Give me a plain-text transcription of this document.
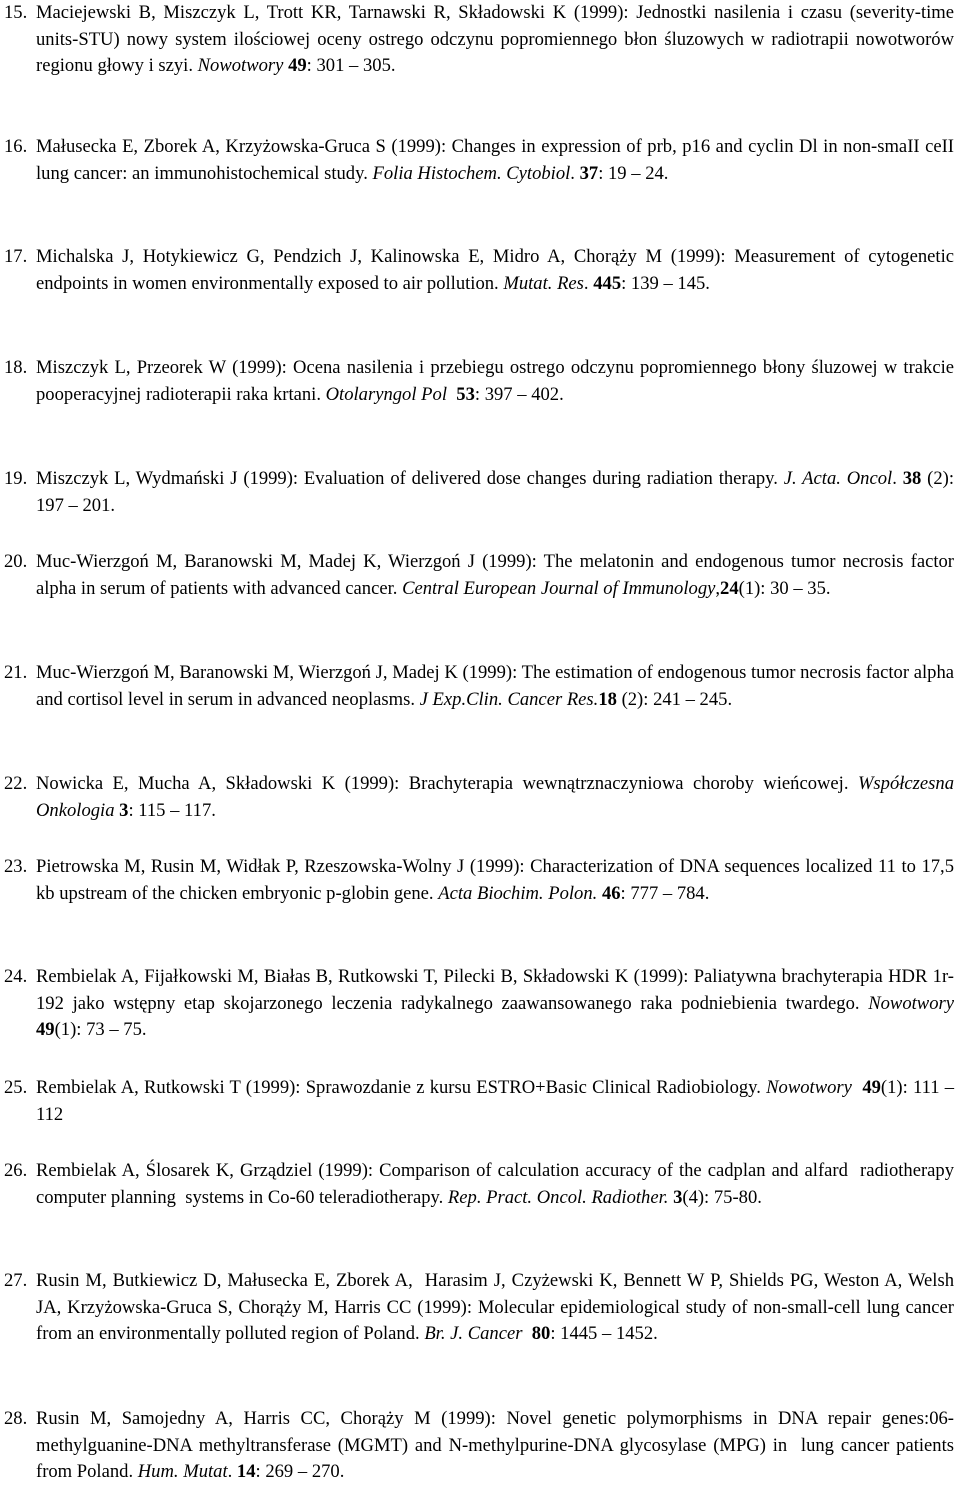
15. Maciejewski B, Miszczyk L, Trott KR, Tarnawski R, Składowski K (1999): Jednostki nasilenia i czasu (severity-time units-STU) nowy system ilościowej oceny ostrego odczynu popromiennego błon śluzowych w radiotrapii nowotworów regionu głowy i szyi. Nowotwory 49: 301 – 305.
16. Małusecka E, Zborek A, Krzyżowska-Gruca S (1999): Changes in expression of prb, p16 and cyclin Dl in non-smaII ceII lung cancer: an immunohistochemical study. Folia Histochem. Cytobiol. 37: 19 – 24.
17. Michalska J, Hotykiewicz G, Pendzich J, Kalinowska E, Midro A, Chorąży M (1999): Measurement of cytogenetic endpoints in women environmentally exposed to air pollution. Mutat. Res. 445: 139 – 145.
18. Miszczyk L, Przeorek W (1999): Ocena nasilenia i przebiegu ostrego odczynu popromiennego błony śluzowej w trakcie pooperacyjnej radioterapii raka krtani. Otolaryngol Pol 53: 397 – 402.
19. Miszczyk L, Wydmański J (1999): Evaluation of delivered dose changes during radiation therapy. J. Acta. Oncol. 38 (2): 197 – 201.
20. Muc-Wierzgoń M, Baranowski M, Madej K, Wierzgoń J (1999): The melatonin and endogenous tumor necrosis factor alpha in serum of patients with advanced cancer. Central European Journal of Immunology,24(1): 30 – 35.
21. Muc-Wierzgoń M, Baranowski M, Wierzgoń J, Madej K (1999): The estimation of endogenous tumor necrosis factor alpha and cortisol level in serum in advanced neoplasms. J Exp.Clin. Cancer Res.18 (2): 241 – 245.
22. Nowicka E, Mucha A, Składowski K (1999): Brachyterapia wewnątrznaczyniowa choroby wieńcowej. Współczesna Onkologia 3: 115 – 117.
23. Pietrowska M, Rusin M, Widłak P, Rzeszowska-Wolny J (1999): Characterization of DNA sequences localized 11 to 17,5 kb upstream of the chicken embryonic p-globin gene. Acta Biochim. Polon. 46: 777 – 784.
24. Rembielak A, Fijałkowski M, Białas B, Rutkowski T, Pilecki B, Składowski K (1999): Paliatywna brachyterapia HDR 1r-192 jako wstępny etap skojarzonego leczenia radykalnego zaawansowanego raka podniebienia twardego. Nowotwory 49(1): 73 – 75.
25. Rembielak A, Rutkowski T (1999): Sprawozdanie z kursu ESTRO+Basic Clinical Radiobiology. Nowotwory 49(1): 111 – 112
26. Rembielak A, Ślosarek K, Grządziel (1999): Comparison of calculation accuracy of the cadplan and alfard  radiotherapy computer planning  systems in Co-60 teleradiotherapy. Rep. Pract. Oncol. Radiother. 3(4): 75-80.
27. Rusin M, Butkiewicz D, Małusecka E, Zborek A,  Harasim J, Czyżewski K, Bennett W P, Shields PG, Weston A, Welsh JA, Krzyżowska-Gruca S, Chorąży M, Harris CC (1999): Molecular epidemiological study of non-small-cell lung cancer from an environmentally polluted region of Poland. Br. J. Cancer 80: 1445 – 1452.
28. Rusin M, Samojedny A, Harris CC, Chorąży M (1999): Novel genetic polymorphisms in DNA repair genes:06-methylguanine-DNA methyltransferase (MGMT) and N-methylpurine-DNA glycosylase (MPG) in  lung cancer patients from Poland. Hum. Mutat. 14: 269 – 270.
